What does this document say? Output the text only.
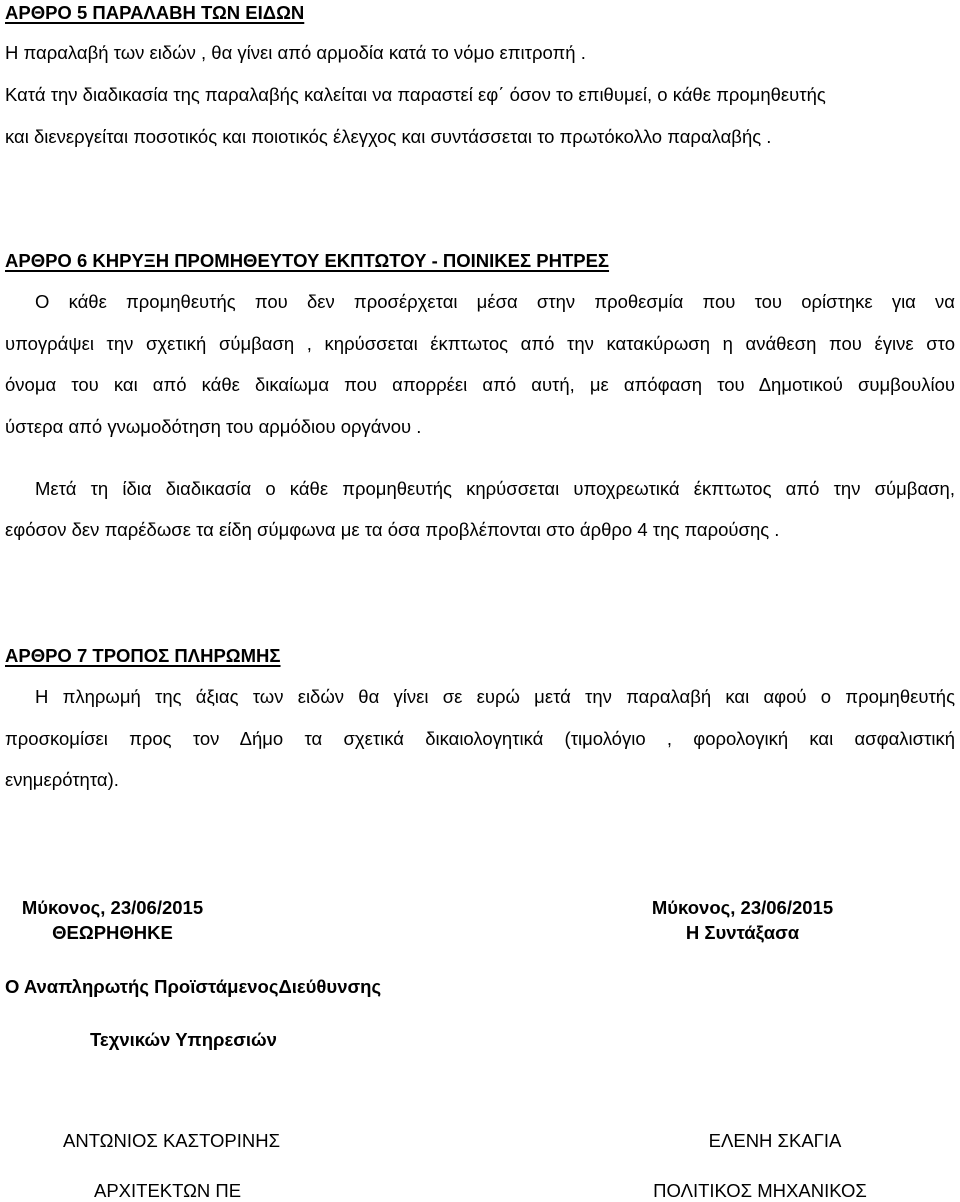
ΑΡΘΡΟ 5 ΠΑΡΑΛΑΒΗ ΤΩΝ ΕΙΔΩΝ
Η παραλαβή των ειδών , θα γίνει από αρμοδία κατά το νόμο επιτροπή .
Κατά την διαδικασία της παραλαβής καλείται να παραστεί εφ΄ όσον το επιθυμεί, ο κάθε προμηθευτής
και διενεργείται ποσοτικός και ποιοτικός έλεγχος και συντάσσεται το πρωτόκολλο παραλαβής .
ΑΡΘΡΟ 6 ΚΗΡΥΞΗ ΠΡΟΜΗΘΕΥΤΟΥ ΕΚΠΤΩΤΟΥ - ΠΟΙΝΙΚΕΣ ΡΗΤΡΕΣ
Ο κάθε προμηθευτής που δεν προσέρχεται μέσα στην προθεσμία που του ορίστηκε για να
υπογράψει την σχετική σύμβαση , κηρύσσεται έκπτωτος από την κατακύρωση η ανάθεση που έγινε στο
όνομα του και από κάθε δικαίωμα που απορρέει από αυτή, με απόφαση του Δημοτικού συμβουλίου
ύστερα από γνωμοδότηση του αρμόδιου οργάνου .
Μετά τη ίδια διαδικασία ο κάθε προμηθευτής κηρύσσεται υποχρεωτικά έκπτωτος από την σύμβαση,
εφόσον δεν παρέδωσε τα είδη σύμφωνα με τα όσα προβλέπονται στο άρθρο 4 της παρούσης .
ΑΡΘΡΟ 7 ΤΡΟΠΟΣ ΠΛΗΡΩΜΗΣ
Η πληρωμή της άξιας των ειδών θα γίνει σε ευρώ μετά την παραλαβή και αφού ο προμηθευτής
προσκομίσει προς τον Δήμο τα σχετικά δικαιολογητικά (τιμολόγιο , φορολογική και ασφαλιστική
ενημερότητα).
Μύκονος, 23/06/2015
ΘΕΩΡΗΘΗΚΕ
Μύκονος, 23/06/2015
Η Συντάξασα
Ο Αναπληρωτής ΠροϊστάμενοςΔιεύθυνσης
Τεχνικών Υπηρεσιών
ΑΝΤΩΝΙΟΣ ΚΑΣΤΟΡΙΝΗΣ
ΑΡΧΙΤΕΚΤΩΝ ΠΕ
ΕΛΕΝΗ ΣΚΑΓΙΑ
ΠΟΛΙΤΙΚΟΣ ΜΗΧΑΝΙΚΟΣ
